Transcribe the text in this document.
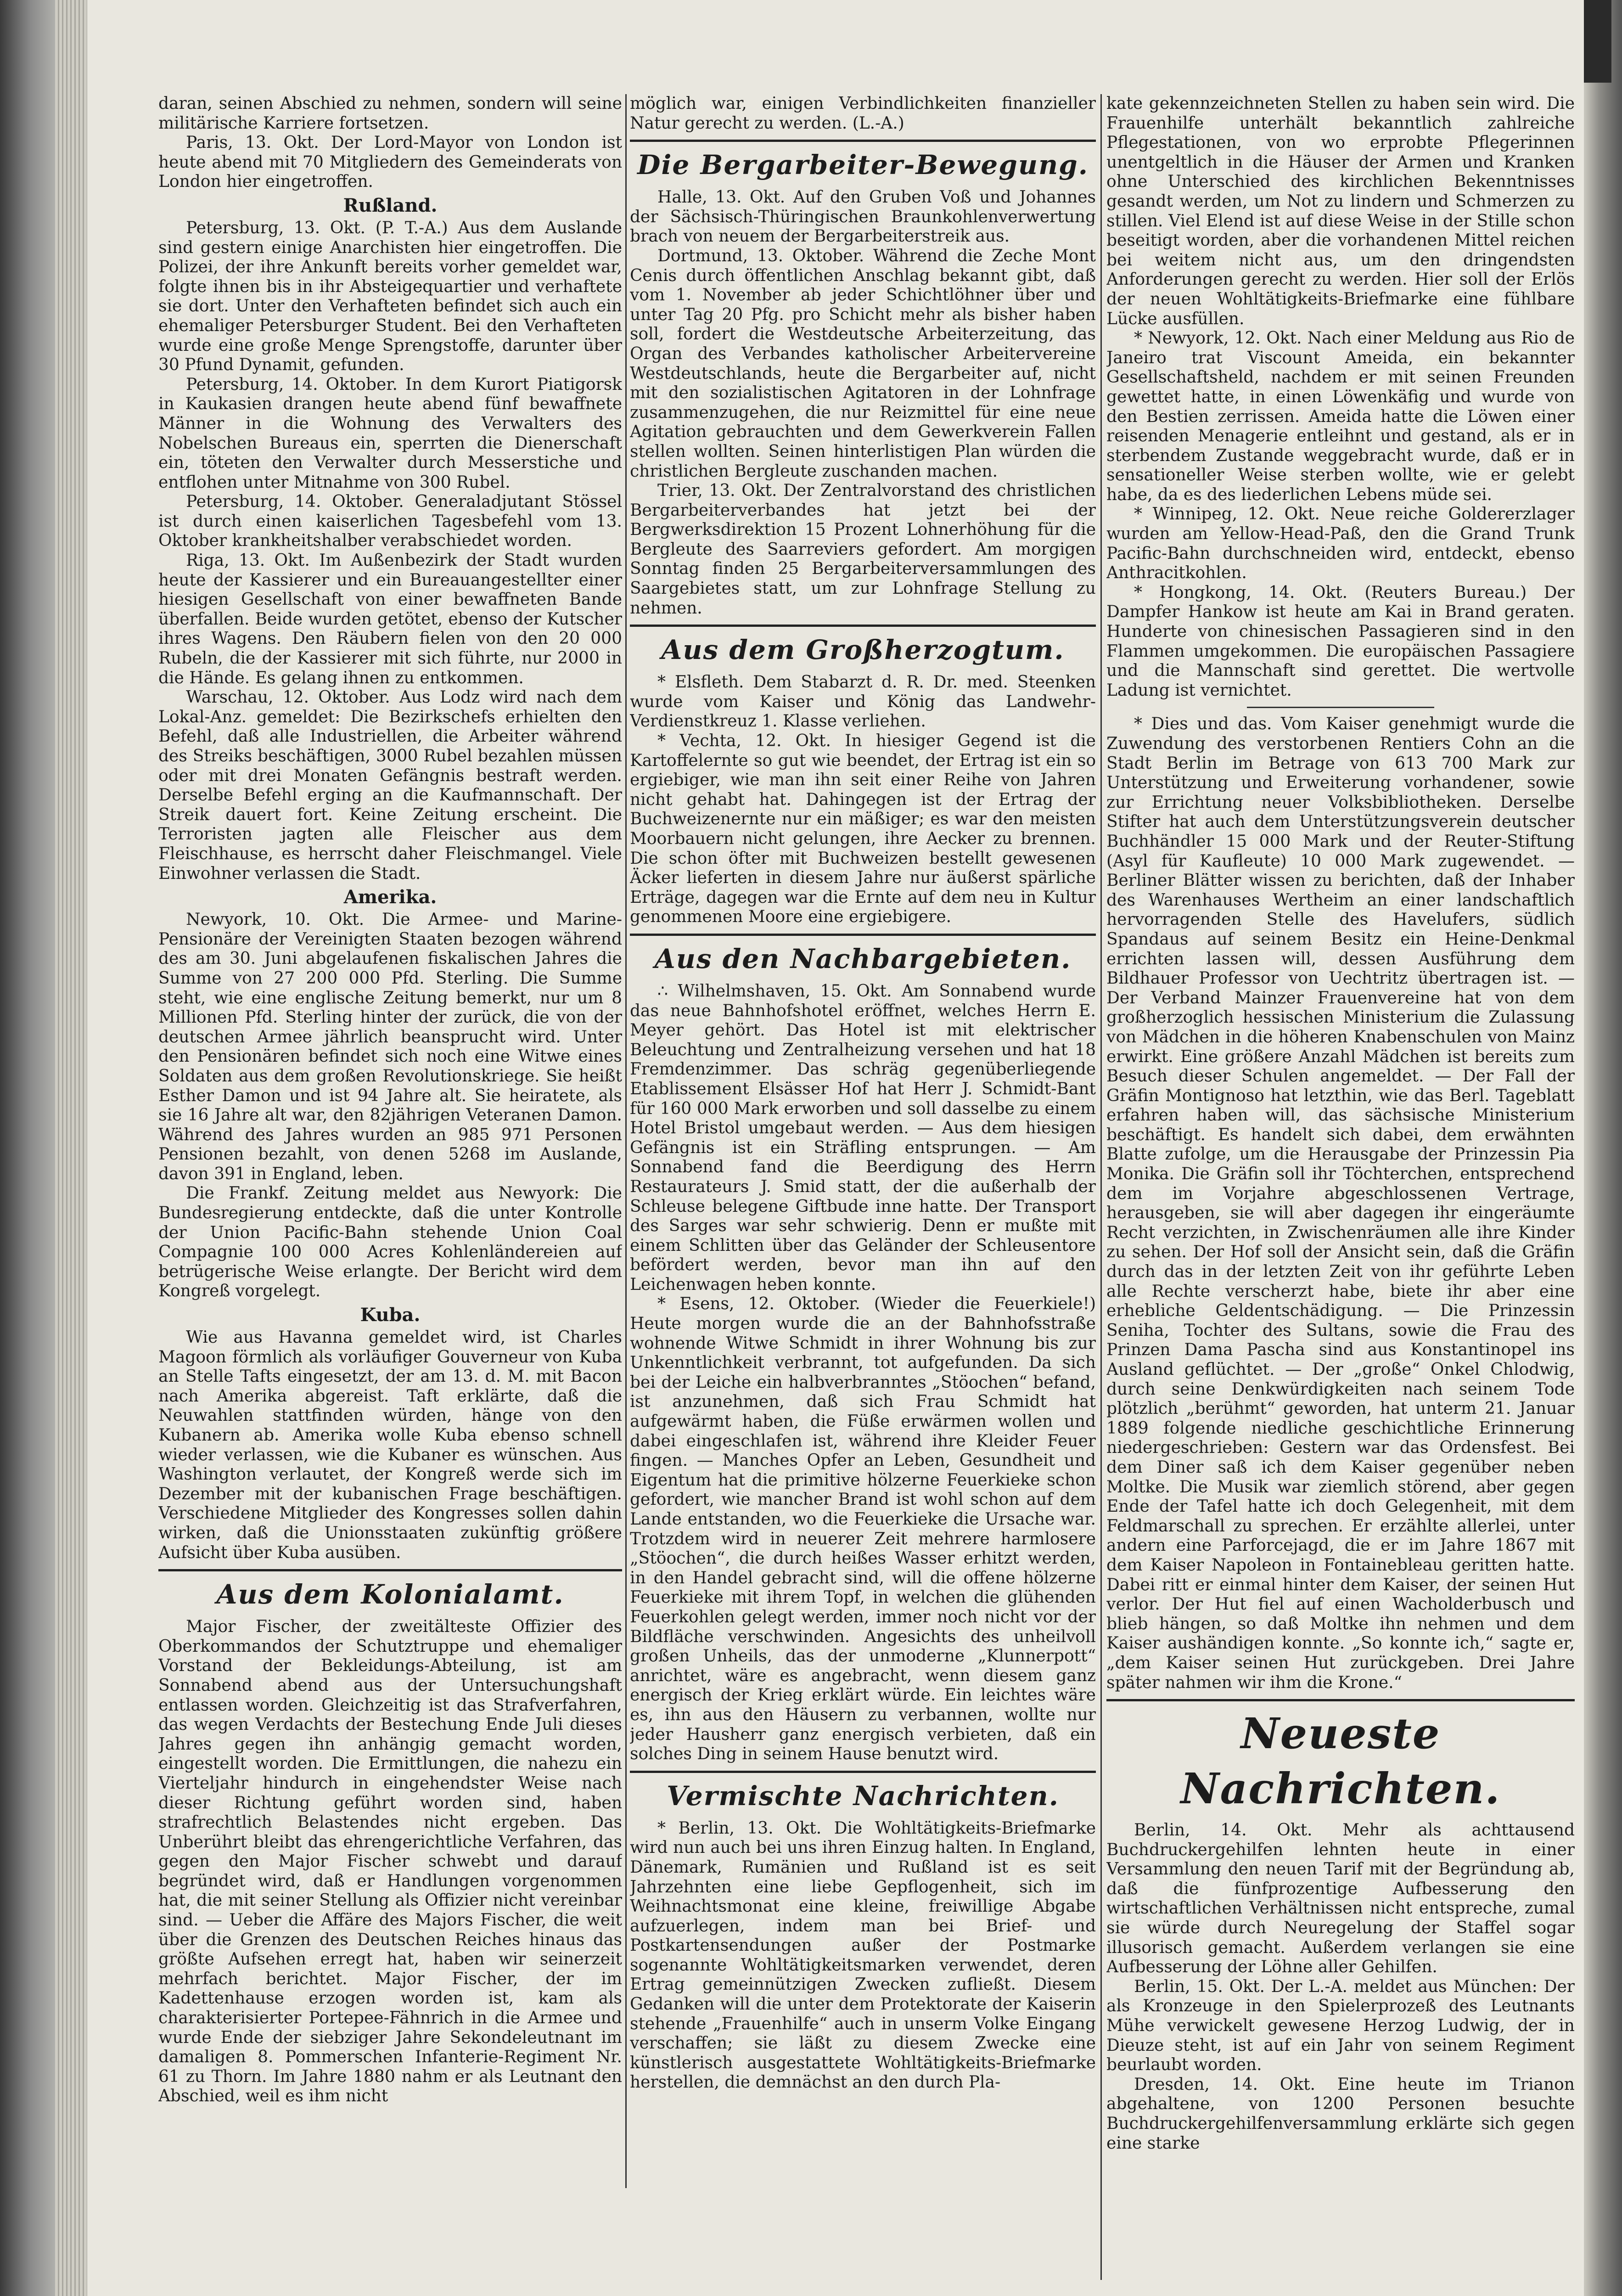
daran, seinen Abschied zu nehmen, sondern will seine militärische Karriere fortsetzen.

Paris, 13. Okt. Der Lord-Mayor von London ist heute abend mit 70 Mitgliedern des Gemeinderats von London hier eingetroffen.

Rußland.

Petersburg, 13. Okt. (P. T.-A.) Aus dem Auslande sind gestern einige Anarchisten hier eingetroffen. Die Polizei, der ihre Ankunft bereits vorher gemeldet war, folgte ihnen bis in ihr Absteigequartier und verhaftete sie dort. Unter den Verhafteten befindet sich auch ein ehemaliger Petersburger Student. Bei den Verhafteten wurde eine große Menge Sprengstoffe, darunter über 30 Pfund Dynamit, gefunden.

Petersburg, 14. Oktober. In dem Kurort Piatigorsk in Kaukasien drangen heute abend fünf bewaffnete Männer in die Wohnung des Verwalters des Nobelschen Bureaus ein, sperrten die Dienerschaft ein, töteten den Verwalter durch Messerstiche und entflohen unter Mitnahme von 300 Rubel.

Petersburg, 14. Oktober. Generaladjutant Stössel ist durch einen kaiserlichen Tagesbefehl vom 13. Oktober krankheitshalber verabschiedet worden.

Riga, 13. Okt. Im Außenbezirk der Stadt wurden heute der Kassierer und ein Bureauangestellter einer hiesigen Gesellschaft von einer bewaffneten Bande überfallen. Beide wurden getötet, ebenso der Kutscher ihres Wagens. Den Räubern fielen von den 20 000 Rubeln, die der Kassierer mit sich führte, nur 2000 in die Hände. Es gelang ihnen zu entkommen.

Warschau, 12. Oktober. Aus Lodz wird nach dem Lokal-Anz. gemeldet: Die Bezirkschefs erhielten den Befehl, daß alle Industriellen, die Arbeiter während des Streiks beschäftigen, 3000 Rubel bezahlen müssen oder mit drei Monaten Gefängnis bestraft werden. Derselbe Befehl erging an die Kaufmannschaft. Der Streik dauert fort. Keine Zeitung erscheint. Die Terroristen jagten alle Fleischer aus dem Fleischhause, es herrscht daher Fleischmangel. Viele Einwohner verlassen die Stadt.

Amerika.

Newyork, 10. Okt. Die Armee- und Marine-Pensionäre der Vereinigten Staaten bezogen während des am 30. Juni abgelaufenen fiskalischen Jahres die Summe von 27 200 000 Pfd. Sterling. Die Summe steht, wie eine englische Zeitung bemerkt, nur um 8 Millionen Pfd. Sterling hinter der zurück, die von der deutschen Armee jährlich beansprucht wird. Unter den Pensionären befindet sich noch eine Witwe eines Soldaten aus dem großen Revolutionskriege. Sie heißt Esther Damon und ist 94 Jahre alt. Sie heiratete, als sie 16 Jahre alt war, den 82jährigen Veteranen Damon. Während des Jahres wurden an 985 971 Personen Pensionen bezahlt, von denen 5268 im Auslande, davon 391 in England, leben.

Die Frankf. Zeitung meldet aus Newyork: Die Bundesregierung entdeckte, daß die unter Kontrolle der Union Pacific-Bahn stehende Union Coal Compagnie 100 000 Acres Kohlenländereien auf betrügerische Weise erlangte. Der Bericht wird dem Kongreß vorgelegt.

Kuba.

Wie aus Havanna gemeldet wird, ist Charles Magoon förmlich als vorläufiger Gouverneur von Kuba an Stelle Tafts eingesetzt, der am 13. d. M. mit Bacon nach Amerika abgereist. Taft erklärte, daß die Neuwahlen stattfinden würden, hänge von den Kubanern ab. Amerika wolle Kuba ebenso schnell wieder verlassen, wie die Kubaner es wünschen. Aus Washington verlautet, der Kongreß werde sich im Dezember mit der kubanischen Frage beschäftigen. Verschiedene Mitglieder des Kongresses sollen dahin wirken, daß die Unionsstaaten zukünftig größere Aufsicht über Kuba ausüben.

Aus dem Kolonialamt.

Major Fischer, der zweitälteste Offizier des Oberkommandos der Schutztruppe und ehemaliger Vorstand der Bekleidungs-Abteilung, ist am Sonnabend abend aus der Untersuchungshaft entlassen worden. Gleichzeitig ist das Strafverfahren, das wegen Verdachts der Bestechung Ende Juli dieses Jahres gegen ihn anhängig gemacht worden, eingestellt worden. Die Ermittlungen, die nahezu ein Vierteljahr hindurch in eingehendster Weise nach dieser Richtung geführt worden sind, haben strafrechtlich Belastendes nicht ergeben. Das Unberührt bleibt das ehrengerichtliche Verfahren, das gegen den Major Fischer schwebt und darauf begründet wird, daß er Handlungen vorgenommen hat, die mit seiner Stellung als Offizier nicht vereinbar sind. — Ueber die Affäre des Majors Fischer, die weit über die Grenzen des Deutschen Reiches hinaus das größte Aufsehen erregt hat, haben wir seinerzeit mehrfach berichtet. Major Fischer, der im Kadettenhause erzogen worden ist, kam als charakterisierter Portepee-Fähnrich in die Armee und wurde Ende der siebziger Jahre Sekondeleutnant im damaligen 8. Pommerschen Infanterie-Regiment Nr. 61 zu Thorn. Im Jahre 1880 nahm er als Leutnant den Abschied, weil es ihm nicht

möglich war, einigen Verbindlichkeiten finanzieller Natur gerecht zu werden. (L.-A.)

Die Bergarbeiter-Bewegung.

Halle, 13. Okt. Auf den Gruben Voß und Johannes der Sächsisch-Thüringischen Braunkohlenverwertung brach von neuem der Bergarbeiterstreik aus.

Dortmund, 13. Oktober. Während die Zeche Mont Cenis durch öffentlichen Anschlag bekannt gibt, daß vom 1. November ab jeder Schichtlöhner über und unter Tag 20 Pfg. pro Schicht mehr als bisher haben soll, fordert die Westdeutsche Arbeiterzeitung, das Organ des Verbandes katholischer Arbeitervereine Westdeutschlands, heute die Bergarbeiter auf, nicht mit den sozialistischen Agitatoren in der Lohnfrage zusammenzugehen, die nur Reizmittel für eine neue Agitation gebrauchten und dem Gewerkverein Fallen stellen wollten. Seinen hinterlistigen Plan würden die christlichen Bergleute zuschanden machen.

Trier, 13. Okt. Der Zentralvorstand des christlichen Bergarbeiterverbandes hat jetzt bei der Bergwerksdirektion 15 Prozent Lohnerhöhung für die Bergleute des Saarreviers gefordert. Am morgigen Sonntag finden 25 Bergarbeiterversammlungen des Saargebietes statt, um zur Lohnfrage Stellung zu nehmen.

Aus dem Großherzogtum.

* Elsfleth. Dem Stabarzt d. R. Dr. med. Steenken wurde vom Kaiser und König das Landwehr-Verdienstkreuz 1. Klasse verliehen.

* Vechta, 12. Okt. In hiesiger Gegend ist die Kartoffelernte so gut wie beendet, der Ertrag ist ein so ergiebiger, wie man ihn seit einer Reihe von Jahren nicht gehabt hat. Dahingegen ist der Ertrag der Buchweizenernte nur ein mäßiger; es war den meisten Moorbauern nicht gelungen, ihre Aecker zu brennen. Die schon öfter mit Buchweizen bestellt gewesenen Äcker lieferten in diesem Jahre nur äußerst spärliche Erträge, dagegen war die Ernte auf dem neu in Kultur genommenen Moore eine ergiebigere.

Aus den Nachbargebieten.

∴ Wilhelmshaven, 15. Okt. Am Sonnabend wurde das neue Bahnhofshotel eröffnet, welches Herrn E. Meyer gehört. Das Hotel ist mit elektrischer Beleuchtung und Zentralheizung versehen und hat 18 Fremdenzimmer. Das schräg gegenüberliegende Etablissement Elsässer Hof hat Herr J. Schmidt-Bant für 160 000 Mark erworben und soll dasselbe zu einem Hotel Bristol umgebaut werden. — Aus dem hiesigen Gefängnis ist ein Sträfling entsprungen. — Am Sonnabend fand die Beerdigung des Herrn Restaurateurs J. Smid statt, der die außerhalb der Schleuse belegene Giftbude inne hatte. Der Transport des Sarges war sehr schwierig. Denn er mußte mit einem Schlitten über das Geländer der Schleusentore befördert werden, bevor man ihn auf den Leichenwagen heben konnte.

* Esens, 12. Oktober. (Wieder die Feuerkiele!) Heute morgen wurde die an der Bahnhofsstraße wohnende Witwe Schmidt in ihrer Wohnung bis zur Unkenntlichkeit verbrannt, tot aufgefunden. Da sich bei der Leiche ein halbverbranntes „Stöochen“ befand, ist anzunehmen, daß sich Frau Schmidt hat aufgewärmt haben, die Füße erwärmen wollen und dabei eingeschlafen ist, während ihre Kleider Feuer fingen. — Manches Opfer an Leben, Gesundheit und Eigentum hat die primitive hölzerne Feuerkieke schon gefordert, wie mancher Brand ist wohl schon auf dem Lande entstanden, wo die Feuerkieke die Ursache war. Trotzdem wird in neuerer Zeit mehrere harmlosere „Stöochen“, die durch heißes Wasser erhitzt werden, in den Handel gebracht sind, will die offene hölzerne Feuerkieke mit ihrem Topf, in welchen die glühenden Feuerkohlen gelegt werden, immer noch nicht vor der Bildfläche verschwinden. Angesichts des unheilvoll großen Unheils, das der unmoderne „Klunnerpott“ anrichtet, wäre es angebracht, wenn diesem ganz energisch der Krieg erklärt würde. Ein leichtes wäre es, ihn aus den Häusern zu verbannen, wollte nur jeder Hausherr ganz energisch verbieten, daß ein solches Ding in seinem Hause benutzt wird.

Vermischte Nachrichten.

* Berlin, 13. Okt. Die Wohltätigkeits-Briefmarke wird nun auch bei uns ihren Einzug halten. In England, Dänemark, Rumänien und Rußland ist es seit Jahrzehnten eine liebe Gepflogenheit, sich im Weihnachtsmonat eine kleine, freiwillige Abgabe aufzuerlegen, indem man bei Brief- und Postkartensendungen außer der Postmarke sogenannte Wohltätigkeitsmarken verwendet, deren Ertrag gemeinnützigen Zwecken zufließt. Diesem Gedanken will die unter dem Protektorate der Kaiserin stehende „Frauenhilfe“ auch in unserm Volke Eingang verschaffen; sie läßt zu diesem Zwecke eine künstlerisch ausgestattete Wohltätigkeits-Briefmarke herstellen, die demnächst an den durch Pla-

kate gekennzeichneten Stellen zu haben sein wird. Die Frauenhilfe unterhält bekanntlich zahlreiche Pflegestationen, von wo erprobte Pflegerinnen unentgeltlich in die Häuser der Armen und Kranken ohne Unterschied des kirchlichen Bekenntnisses gesandt werden, um Not zu lindern und Schmerzen zu stillen. Viel Elend ist auf diese Weise in der Stille schon beseitigt worden, aber die vorhandenen Mittel reichen bei weitem nicht aus, um den dringendsten Anforderungen gerecht zu werden. Hier soll der Erlös der neuen Wohltätigkeits-Briefmarke eine fühlbare Lücke ausfüllen.

* Newyork, 12. Okt. Nach einer Meldung aus Rio de Janeiro trat Viscount Ameida, ein bekannter Gesellschaftsheld, nachdem er mit seinen Freunden gewettet hatte, in einen Löwenkäfig und wurde von den Bestien zerrissen. Ameida hatte die Löwen einer reisenden Menagerie entleihnt und gestand, als er in sterbendem Zustande weggebracht wurde, daß er in sensationeller Weise sterben wollte, wie er gelebt habe, da es des liederlichen Lebens müde sei.

* Winnipeg, 12. Okt. Neue reiche Goldererzlager wurden am Yellow-Head-Paß, den die Grand Trunk Pacific-Bahn durchschneiden wird, entdeckt, ebenso Anthracitkohlen.

* Hongkong, 14. Okt. (Reuters Bureau.) Der Dampfer Hankow ist heute am Kai in Brand geraten. Hunderte von chinesischen Passagieren sind in den Flammen umgekommen. Die europäischen Passagiere und die Mannschaft sind gerettet. Die wertvolle Ladung ist vernichtet.

* Dies und das. Vom Kaiser genehmigt wurde die Zuwendung des verstorbenen Rentiers Cohn an die Stadt Berlin im Betrage von 613 700 Mark zur Unterstützung und Erweiterung vorhandener, sowie zur Errichtung neuer Volksbibliotheken. Derselbe Stifter hat auch dem Unterstützungsverein deutscher Buchhändler 15 000 Mark und der Reuter-Stiftung (Asyl für Kaufleute) 10 000 Mark zugewendet. — Berliner Blätter wissen zu berichten, daß der Inhaber des Warenhauses Wertheim an einer landschaftlich hervorragenden Stelle des Havelufers, südlich Spandaus auf seinem Besitz ein Heine-Denkmal errichten lassen will, dessen Ausführung dem Bildhauer Professor von Uechtritz übertragen ist. — Der Verband Mainzer Frauenvereine hat von dem großherzoglich hessischen Ministerium die Zulassung von Mädchen in die höheren Knabenschulen von Mainz erwirkt. Eine größere Anzahl Mädchen ist bereits zum Besuch dieser Schulen angemeldet. — Der Fall der Gräfin Montignoso hat letzthin, wie das Berl. Tageblatt erfahren haben will, das sächsische Ministerium beschäftigt. Es handelt sich dabei, dem erwähnten Blatte zufolge, um die Herausgabe der Prinzessin Pia Monika. Die Gräfin soll ihr Töchterchen, entsprechend dem im Vorjahre abgeschlossenen Vertrage, herausgeben, sie will aber dagegen ihr eingeräumte Recht verzichten, in Zwischenräumen alle ihre Kinder zu sehen. Der Hof soll der Ansicht sein, daß die Gräfin durch das in der letzten Zeit von ihr geführte Leben alle Rechte verscherzt habe, biete ihr aber eine erhebliche Geldentschädigung. — Die Prinzessin Seniha, Tochter des Sultans, sowie die Frau des Prinzen Dama Pascha sind aus Konstantinopel ins Ausland geflüchtet. — Der „große“ Onkel Chlodwig, durch seine Denkwürdigkeiten nach seinem Tode plötzlich „berühmt“ geworden, hat unterm 21. Januar 1889 folgende niedliche geschichtliche Erinnerung niedergeschrieben: Gestern war das Ordensfest. Bei dem Diner saß ich dem Kaiser gegenüber neben Moltke. Die Musik war ziemlich störend, aber gegen Ende der Tafel hatte ich doch Gelegenheit, mit dem Feldmarschall zu sprechen. Er erzählte allerlei, unter andern eine Parforcejagd, die er im Jahre 1867 mit dem Kaiser Napoleon in Fontainebleau geritten hatte. Dabei ritt er einmal hinter dem Kaiser, der seinen Hut verlor. Der Hut fiel auf einen Wacholderbusch und blieb hängen, so daß Moltke ihn nehmen und dem Kaiser aushändigen konnte. „So konnte ich,“ sagte er, „dem Kaiser seinen Hut zurückgeben. Drei Jahre später nahmen wir ihm die Krone.“

Neueste Nachrichten.

Berlin, 14. Okt. Mehr als achttausend Buchdruckergehilfen lehnten heute in einer Versammlung den neuen Tarif mit der Begründung ab, daß die fünfprozentige Aufbesserung den wirtschaftlichen Verhältnissen nicht entspreche, zumal sie würde durch Neuregelung der Staffel sogar illusorisch gemacht. Außerdem verlangen sie eine Aufbesserung der Löhne aller Gehilfen.

Berlin, 15. Okt. Der L.-A. meldet aus München: Der als Kronzeuge in den Spielerprozeß des Leutnants Mühe verwickelt gewesene Herzog Ludwig, der in Dieuze steht, ist auf ein Jahr von seinem Regiment beurlaubt worden.

Dresden, 14. Okt. Eine heute im Trianon abgehaltene, von 1200 Personen besuchte Buchdruckergehilfenversammlung erklärte sich gegen eine starke
